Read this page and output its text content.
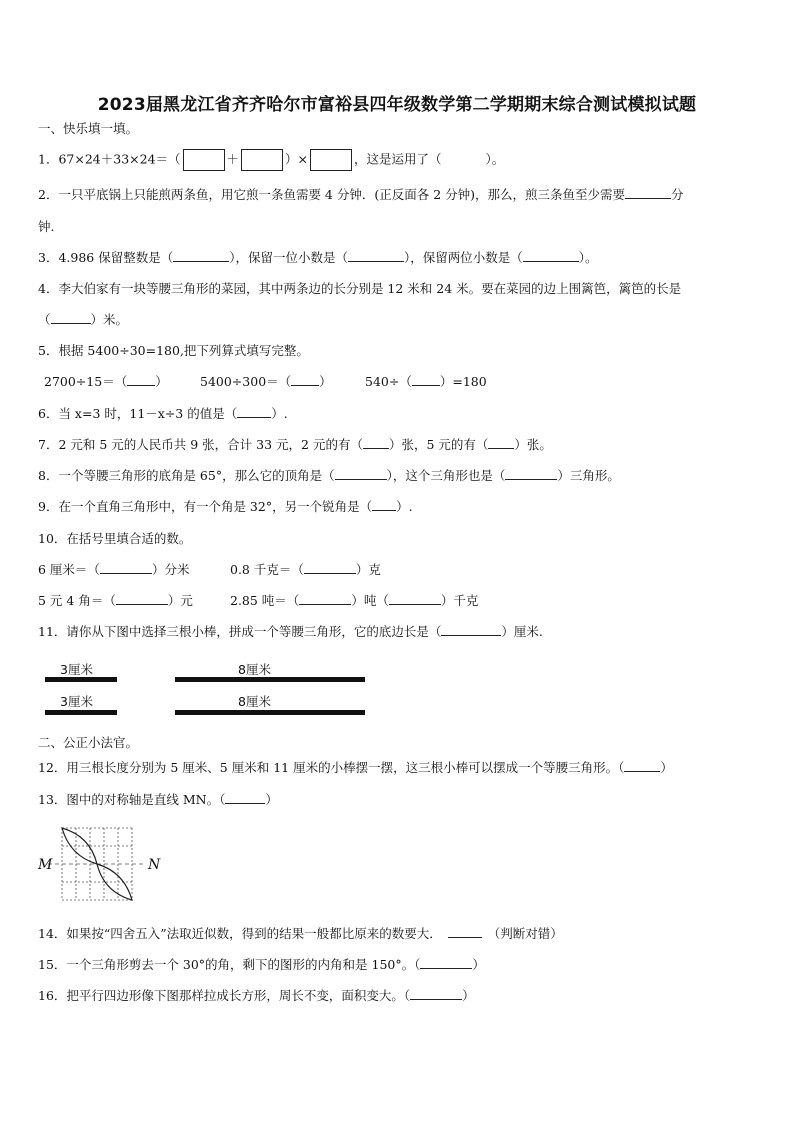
2023届黑龙江省齐齐哈尔市富裕县四年级数学第二学期期末综合测试模拟试题
一、快乐填一填。
1．67×24＋33×24＝（	＋	）×	，这是运用了（	）。
2．一只平底锅上只能煎两条鱼，用它煎一条鱼需要 4 分钟．(正反面各 2 分钟)，那么，煎三条鱼至少需要	分
钟.
3．4.986 保留整数是（	），保留一位小数是（	），保留两位小数是（	）。
4．李大伯家有一块等腰三角形的菜园，其中两条边的长分别是 12 米和 24 米。要在菜园的边上围篱笆，篱笆的长是
（	）米。
5．根据 5400÷30=180,把下列算式填写完整。
2700÷15＝（ ）	5400÷300＝（ ）	540÷（ ）=180
6．当 x=3 时，11－x÷3 的值是（	）.
7．2 元和 5 元的人民币共 9 张，合计 33 元，2 元的有（ ）张，5 元的有（ ）张。
8．一个等腰三角形的底角是 65°，那么它的顶角是（	），这个三角形也是（	）三角形。
9．在一个直角三角形中，有一个角是 32°，另一个锐角是（ ）.
10．在括号里填合适的数。
6 厘米＝（	）分米	0.8 千克＝（	）克
5 元 4 角＝（	）元	2.85 吨＝（	）吨（	）千克
11．请你从下图中选择三根小棒，拼成一个等腰三角形，它的底边长是（	）厘米.
3厘米	8厘米
3厘米	8厘米
二、公正小法官。
12．用三根长度分别为 5 厘米、5 厘米和 11 厘米的小棒摆一摆，这三根小棒可以摆成一个等腰三角形。（	）
13．图中的对称轴是直线 MN。（	）
M	N
14．如果按“四舍五入”法取近似数，得到的结果一般都比原来的数要大．	（判断对错）
15．一个三角形剪去一个 30°的角，剩下的图形的内角和是 150°。（	）
16．把平行四边形像下图那样拉成长方形，周长不变，面积变大。（	）
